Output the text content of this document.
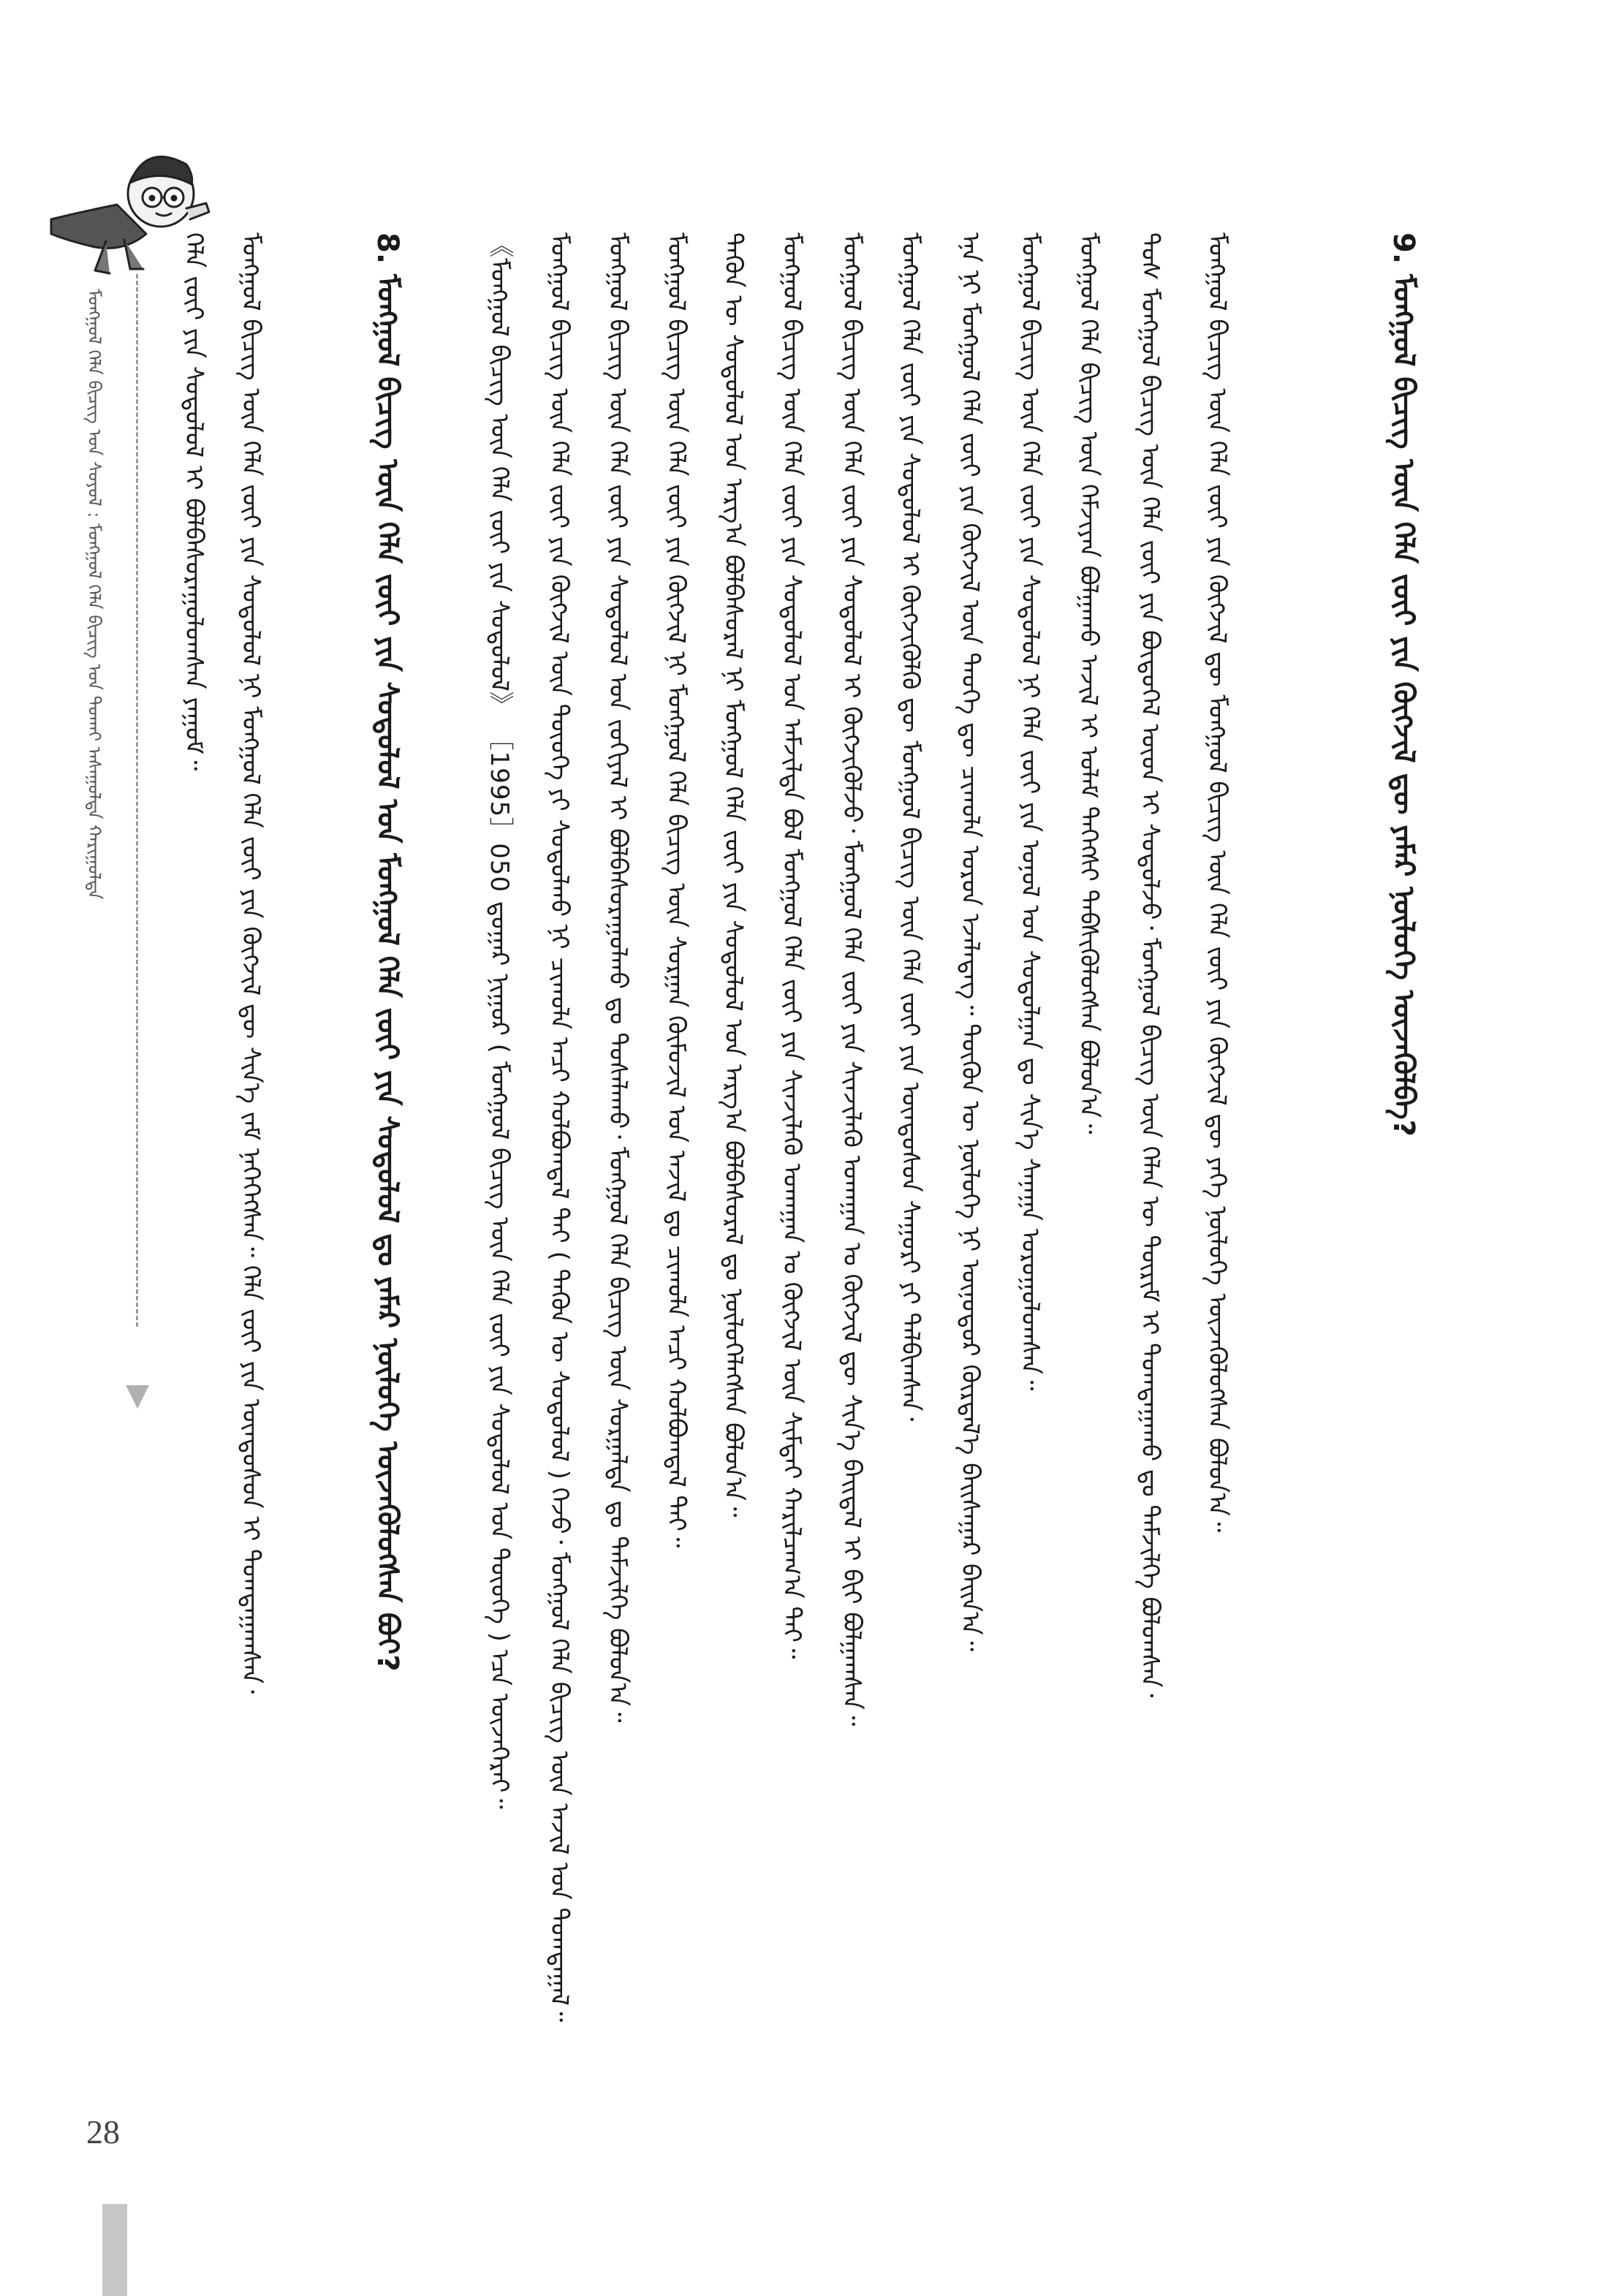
9. ᠮᠣᠩᠭᠣᠯ ᠪᠢᠴᠢᠭ ᠦᠨ ᠬᠡᠯᠡ ᠵᠦᠢ ᠶᠢᠨ ᠬᠥᠭᠵᠢᠯ ᠳᠦ ᠶᠠᠮᠠᠷ ᠨᠥᠯᠦᠭᠡ ᠦᠵᠡᠭᠦᠯᠪᠡ?
ᠮᠣᠩᠭᠣᠯ ᠪᠢᠴᠢᠭ ᠦᠨ ᠬᠡᠯᠡ ᠵᠦᠢ ᠶᠢᠨ ᠬᠥᠭᠵᠢᠯ ᠳᠦ ᠮᠣᠩᠭᠣᠯ ᠪᠢᠴᠢᠭ ᠦᠨ ᠬᠡᠯᠡ ᠵᠦᠢ ᠶᠢᠨ ᠬᠥᠭᠵᠢᠯ ᠳᠦ ᠶᠡᠬᠡ ᠨᠥᠯᠦᠭᠡ ᠦᠵᠡᠭᠦᠯᠦᠭᠰᠡᠨ ᠪᠣᠯᠣᠨ᠎ᠠ᠃
ᠲᠣᠰ ᠮᠣᠩᠭᠣᠯ ᠪᠢᠴᠢᠭ ᠦᠨ ᠬᠡᠯᠡ ᠵᠦᠢ ᠶᠢᠨ ᠪᠦᠲᠦᠭᠡᠯ ᠦᠳ ᠢ ᠰᠤᠳᠤᠯᠵᠤ᠂ ᠮᠣᠩᠭᠣᠯ ᠪᠢᠴᠢᠭ ᠦᠨ ᠬᠡᠯᠡᠨ ᠦ ᠳᠦᠷᠢᠮ ᠢ ᠲᠣᠭᠲᠠᠭᠠᠬᠤ ᠳᠤ ᠳᠡᠮᠵᠢᠯᠭᠡ ᠪᠣᠯᠤᠭᠰᠠᠨ᠂
ᠮᠣᠩᠭᠣᠯ ᠬᠡᠯᠡ ᠪᠢᠴᠢᠭ ᠦᠨ ᠬᠡᠮᠵᠢᠶᠡᠨ ᠪᠣᠯᠭᠠᠬᠤ ᠠᠵᠢᠯ ᠢ ᠤᠯᠠᠮ ᠳᠡᠭᠡᠭᠰᠢ ᠳᠡᠪᠰᠢᠭᠦᠯᠦᠭᠰᠡᠨ ᠪᠣᠯᠤᠨ᠎ᠠ᠃
ᠮᠣᠩᠭᠣᠯ ᠪᠢᠴᠢᠭ ᠦᠨ ᠬᠡᠯᠡ ᠵᠦᠢ ᠶᠢᠨ ᠰᠤᠳᠤᠯᠤᠯ ᠨᠢ ᠬᠡᠯᠡ ᠵᠦᠢ ᠶᠢᠨ ᠣᠨᠣᠯ ᠤᠨ ᠰᠤᠳᠤᠯᠭᠠᠨ ᠳᠤ ᠰᠢᠨ᠎ᠡ ᠰᠠᠨᠠᠭᠠ ᠣᠷᠣᠭᠤᠯᠤᠭᠰᠠᠨ᠃
ᠡᠨᠡ ᠨᠢ ᠮᠣᠩᠭᠣᠯ ᠬᠡᠯᠡ ᠵᠦᠢ ᠶᠢᠨ ᠬᠥᠭᠵᠢᠯ ᠦᠨ ᠲᠡᠦᠬᠡ ᠳᠦ ᠴᠢᠬᠤᠯᠠ ᠣᠷᠤᠨ ᠡᠵᠡᠯᠡᠳᠡᠭ᠃ ᠲᠥᠭᠦᠨ ᠦ ᠨᠥᠯᠦᠭᠡ ᠨᠢ ᠥᠨᠥᠳᠦᠷ ᠬᠦᠷᠲᠡᠯ᠎ᠡ ᠪᠠᠢᠰᠠᠭᠠᠷ ᠪᠠᠢᠨ᠎ᠠ᠃
ᠮᠣᠩᠭᠣᠯ ᠬᠡᠯᠡ ᠵᠦᠢ ᠶᠢᠨ ᠰᠤᠳᠤᠯᠤᠯ ᠢ ᠬᠥᠭᠵᠢᠭᠦᠯᠬᠦ ᠳᠦ ᠮᠣᠩᠭᠣᠯ ᠪᠢᠴᠢᠭ ᠦᠨ ᠬᠡᠯᠡ ᠵᠦᠢ ᠶᠢᠨ ᠦᠨᠳᠦᠰᠦᠨ ᠰᠠᠭᠤᠷᠢ ᠶᠢ ᠲᠠᠯᠪᠢᠭᠰᠠᠨ᠂
ᠮᠣᠩᠭᠣᠯ ᠪᠢᠴᠢᠭ ᠦᠨ ᠬᠡᠯᠡ ᠵᠦᠢ ᠶᠢᠨ ᠰᠤᠳᠤᠯᠤᠯ ᠢ ᠬᠥᠭᠵᠢᠭᠦᠯᠵᠦ᠂ ᠮᠣᠩᠭᠣᠯ ᠬᠡᠯᠡ ᠵᠦᠢ ᠶᠢᠨ ᠰᠢᠨᠵᠢᠯᠡᠬᠦ ᠤᠬᠠᠭᠠᠨ ᠤ ᠬᠥᠭᠵᠢᠯ ᠳᠦ ᠰᠢᠨ᠎ᠡ ᠪᠠᠢᠳᠠᠯ ᠢ ᠪᠢᠢ ᠪᠣᠯᠭᠠᠭᠰᠠᠨ᠃
ᠮᠣᠩᠭᠣᠯ ᠪᠢᠴᠢᠭ ᠦᠨ ᠬᠡᠯᠡ ᠵᠦᠢ ᠶᠢᠨ ᠰᠤᠳᠤᠯᠤᠯ ᠤᠨ ᠠᠮᠵᠢᠯᠲᠠ ᠪᠣᠯ ᠮᠣᠩᠭᠣᠯ ᠬᠡᠯᠡ ᠵᠦᠢ ᠶᠢᠨ ᠰᠢᠨᠵᠢᠯᠡᠬᠦ ᠤᠬᠠᠭᠠᠨ ᠤ ᠬᠥᠭᠵᠢᠯ ᠦᠨ ᠰᠢᠮᠲᠠᠢ ᠬᠠᠷᠢᠯᠴᠠᠭ᠎ᠠ ᠲᠠᠢ᠃
ᠲᠡᠭᠦᠨ ᠦ ᠰᠤᠳᠤᠯᠤᠯ ᠤᠨ ᠠᠷᠭ᠎ᠠ ᠪᠣᠯᠪᠠᠰᠤᠷᠠᠯ ᠨᠢ ᠮᠣᠩᠭᠣᠯ ᠬᠡᠯᠡ ᠵᠦᠢ ᠶᠢᠨ ᠰᠤᠳᠤᠯᠤᠯ ᠤᠨ ᠠᠷᠭ᠎ᠠ ᠪᠣᠯᠪᠠᠰᠤᠷᠠᠯ ᠳᠤ ᠨᠥᠯᠦᠭᠡᠯᠡᠭᠰᠡᠨ ᠪᠣᠯᠤᠨ᠎ᠠ᠃
ᠮᠣᠩᠭᠣᠯ ᠪᠢᠴᠢᠭ ᠦᠨ ᠬᠡᠯᠡ ᠵᠦᠢ ᠶᠢᠨ ᠬᠥᠭᠵᠢᠯ ᠨᠢ ᠮᠣᠩᠭᠣᠯ ᠬᠡᠯᠡ ᠪᠢᠴᠢᠭ ᠦᠨ ᠰᠤᠷᠭᠠᠨ ᠬᠦᠮᠦᠵᠢᠯ ᠤᠨ ᠠᠵᠢᠯ ᠳᠤ ᠴᠢᠬᠤᠯᠠ ᠠᠴᠢ ᠬᠣᠯᠪᠣᠭᠳᠠᠯ ᠲᠠᠢ᠃
ᠮᠣᠩᠭᠣᠯ ᠪᠢᠴᠢᠭ ᠦᠨ ᠬᠡᠯᠡ ᠵᠦᠢ ᠶᠢᠨ ᠰᠤᠳᠤᠯᠤᠯ ᠤᠨ ᠵᠤᠬᠢᠶᠠᠯ ᠢ ᠪᠣᠯᠪᠠᠰᠤᠷᠠᠭᠤᠯᠬᠤ ᠳᠤ ᠲᠤᠰᠠᠯᠠᠬᠤ᠂ ᠮᠣᠩᠭᠣᠯ ᠬᠡᠯᠡ ᠪᠢᠴᠢᠭ ᠦᠨ ᠰᠤᠷᠭᠠᠯᠲᠠ ᠳᠤ ᠳᠡᠮᠵᠢᠯᠭᠡ ᠪᠣᠯᠤᠨ᠎ᠠ᠃
ᠮᠣᠩᠭᠣᠯ ᠪᠢᠴᠢᠭ ᠦᠨ ᠬᠡᠯᠡ ᠵᠦᠢ ᠶᠢᠨ ᠬᠥᠭᠵᠢᠯ ᠦᠨ ᠲᠦᠦᠬᠡ ᠶᠢ ᠰᠤᠳᠤᠯᠬᠤ ᠨᠢ ᠴᠢᠬᠤᠯᠠ ᠠᠴᠢ ᠬᠣᠯᠪᠣᠭᠳᠠᠯ ᠲᠠᠢ ( ᠲᠡᠭᠦᠨ ᠦ ᠰᠤᠳᠤᠯᠤᠯ ) ᠭᠡᠵᠦ᠂ ᠮᠣᠩᠭᠣᠯ ᠬᠡᠯᠡ ᠪᠢᠴᠢᠭ ᠦᠨ ᠠᠵᠢᠯ ᠤᠨ ᠲᠣᠭᠲᠠᠭᠠᠯ᠃
《ᠮᠣᠩᠭᠣᠯ ᠪᠢᠴᠢᠭ ᠦᠨ ᠬᠡᠯᠡ ᠵᠦᠢ ᠶᠢᠨ ᠰᠤᠳᠤᠯᠤᠯ》 ［1995］050 ᠳ᠋ᠤᠭᠠᠷ ᠨᠢᠭᠤᠷ ( ᠮᠣᠩᠭᠣᠯ ᠪᠢᠴᠢᠭ ᠦᠨ ᠬᠡᠯᠡ ᠵᠦᠢ ᠶᠢᠨ ᠰᠤᠳᠤᠯᠤᠯ ᠤᠨ ᠲᠦᠦᠬᠡ ) ᠡᠴᠡ ᠦᠵᠡᠭᠡᠷᠡᠢ᠃
8. ᠮᠣᠩᠭᠣᠯ ᠪᠢᠴᠢᠭ ᠦᠨ ᠬᠡᠯᠡ ᠵᠦᠢ ᠶᠢᠨ ᠰᠤᠳᠤᠯᠤᠯ ᠤᠨ ᠮᠣᠩᠭᠣᠯ ᠬᠡᠯᠡ ᠵᠦᠢ ᠶᠢᠨ ᠰᠤᠳᠤᠯᠤᠯ ᠳᠤ ᠶᠠᠮᠠᠷ ᠨᠥᠯᠦᠭᠡ ᠦᠵᠡᠭᠦᠯᠦᠭᠰᠡᠨ ᠪᠤᠢ?
ᠮᠣᠩᠭᠣᠯ ᠪᠢᠴᠢᠭ ᠦᠨ ᠬᠡᠯᠡ ᠵᠦᠢ ᠶᠢᠨ ᠰᠤᠳᠤᠯᠤᠯ ᠨᠢ ᠮᠣᠩᠭᠣᠯ ᠬᠡᠯᠡ ᠵᠦᠢ ᠶᠢᠨ ᠬᠥᠭᠵᠢᠯ ᠳᠦ ᠰᠢᠨ᠎ᠡ ᠵᠠᠮ ᠨᠡᠭᠡᠭᠡᠭᠰᠡᠨ᠃ ᠬᠡᠯᠡ ᠵᠦᠢ ᠶᠢᠨ ᠦᠨᠳᠦᠰᠦᠨ ᠢ ᠲᠣᠭᠲᠠᠭᠠᠭᠰᠠᠨ᠂
ᠬᠡᠯᠡ ᠵᠦᠢ ᠶᠢᠨ ᠰᠤᠳᠤᠯᠤᠯ ᠢ ᠪᠣᠯᠪᠠᠰᠤᠷᠠᠭᠤᠯᠤᠭᠰᠠᠨ ᠶᠠᠭᠤᠮ᠃
ᠮᠣᠩᠭᠣᠯ ᠬᠡᠯᠡ ᠪᠢᠴᠢᠭ ᠤᠨ ᠰᠣᠶᠣᠯ : ᠮᠣᠩᠭᠣᠯ ᠬᠡᠯᠡ ᠪᠢᠴᠢᠭ ᠤᠨ ᠲᠤᠬᠠᠢ ᠠᠰᠠᠭᠤᠯᠲᠠ ᠬᠠᠷᠢᠭᠤᠯᠲᠠ
28
